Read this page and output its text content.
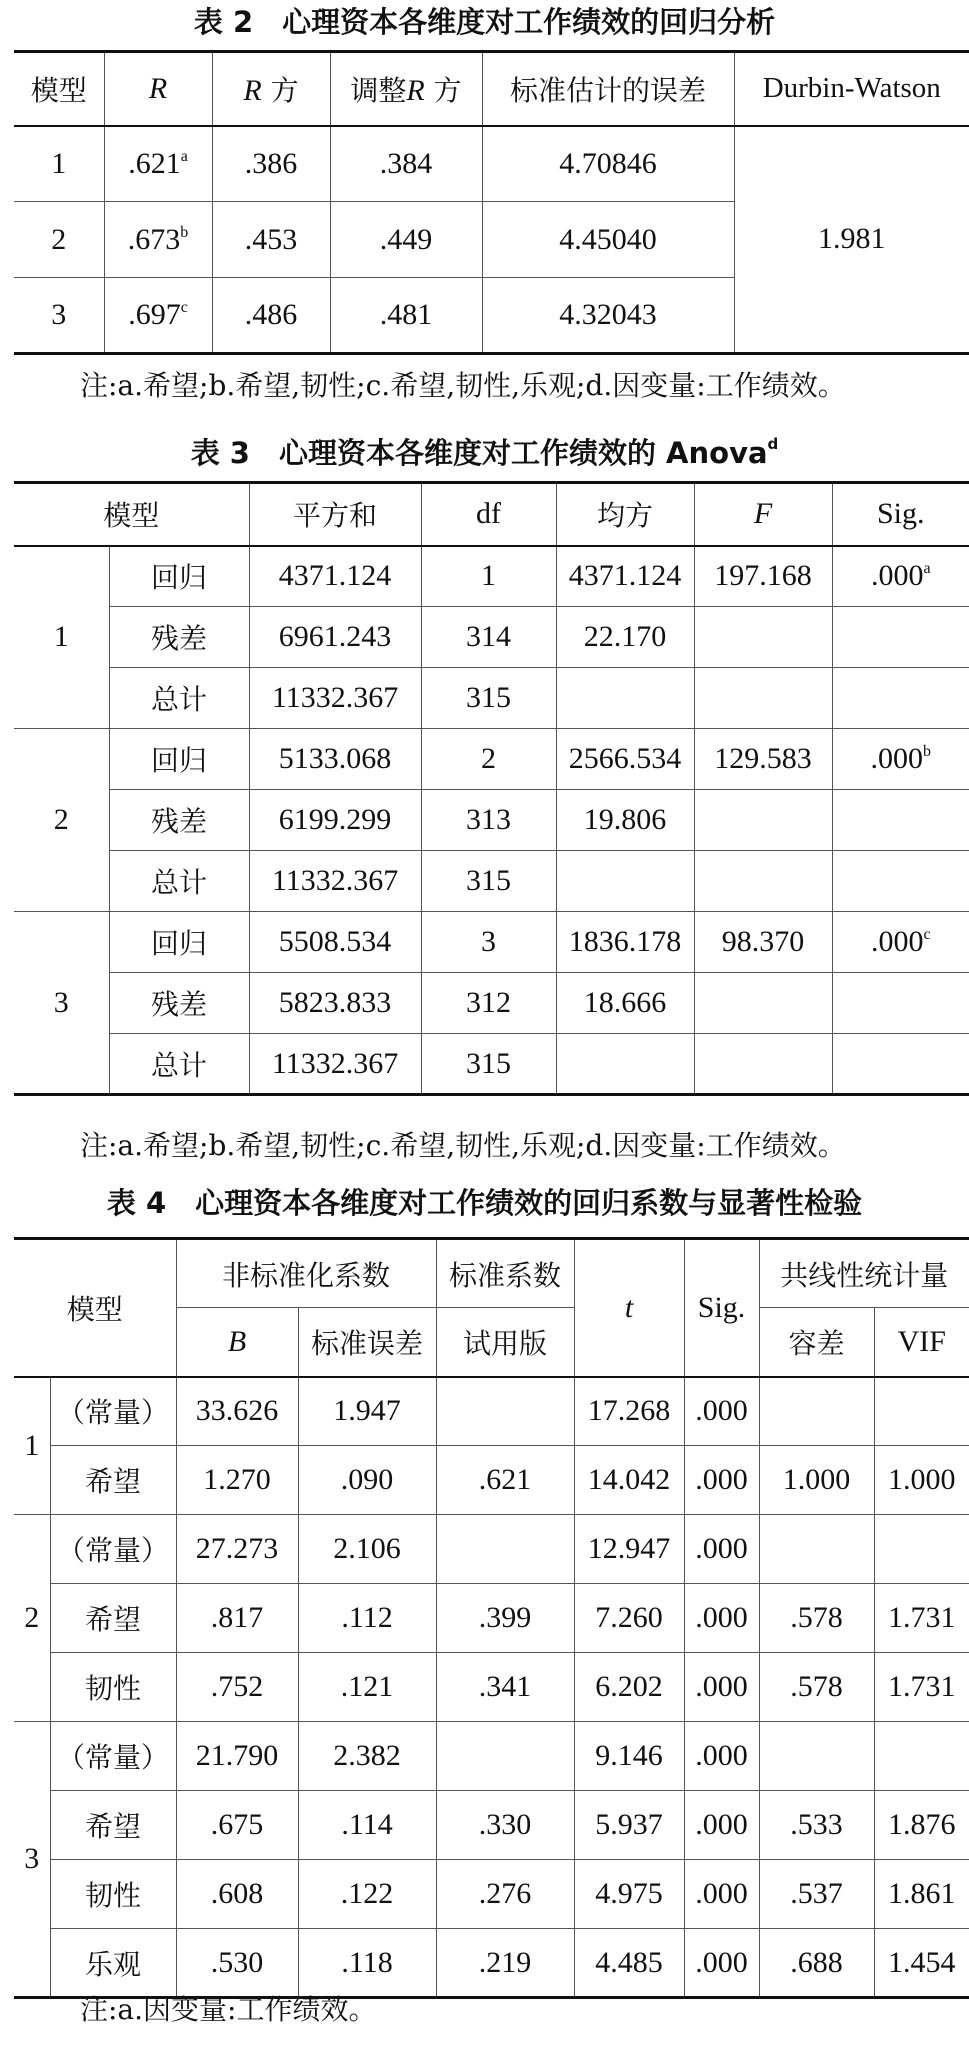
表 2　心理资本各维度对工作绩效的回归分析
模型	R	R 方	调整R 方	标准估计的误差	Durbin-Watson
1	.621$^a$	.386	.384	4.70846	1.981
2	.673$^b$	.453	.449	4.45040	
3	.697$^c$	.486	.481	4.32043	
注:a.希望;b.希望,韧性;c.希望,韧性,乐观;d.因变量:工作绩效。
表 3　心理资本各维度对工作绩效的 Anova$^d$
模型		平方和	df	均方	F	Sig.
1	回归	4371.124	1	4371.124	197.168	.000$^a$
	残差	6961.243	314	22.170		
	总计	11332.367	315			
2	回归	5133.068	2	2566.534	129.583	.000$^b$
	残差	6199.299	313	19.806		
	总计	11332.367	315			
3	回归	5508.534	3	1836.178	98.370	.000$^c$
	残差	5823.833	312	18.666		
	总计	11332.367	315			
注:a.希望;b.希望,韧性;c.希望,韧性,乐观;d.因变量:工作绩效。
表 4　心理资本各维度对工作绩效的回归系数与显著性检验
模型		非标准化系数		标准系数	t	Sig.	共线性统计量	
		B	标准误差	试用版			容差	VIF
1	（常量）	33.626	1.947		17.268	.000		
	希望	1.270	.090	.621	14.042	.000	1.000	1.000
2	（常量）	27.273	2.106		12.947	.000		
	希望	.817	.112	.399	7.260	.000	.578	1.731
	韧性	.752	.121	.341	6.202	.000	.578	1.731
3	（常量）	21.790	2.382		9.146	.000		
	希望	.675	.114	.330	5.937	.000	.533	1.876
	韧性	.608	.122	.276	4.975	.000	.537	1.861
	乐观	.530	.118	.219	4.485	.000	.688	1.454
注:a.因变量:工作绩效。
